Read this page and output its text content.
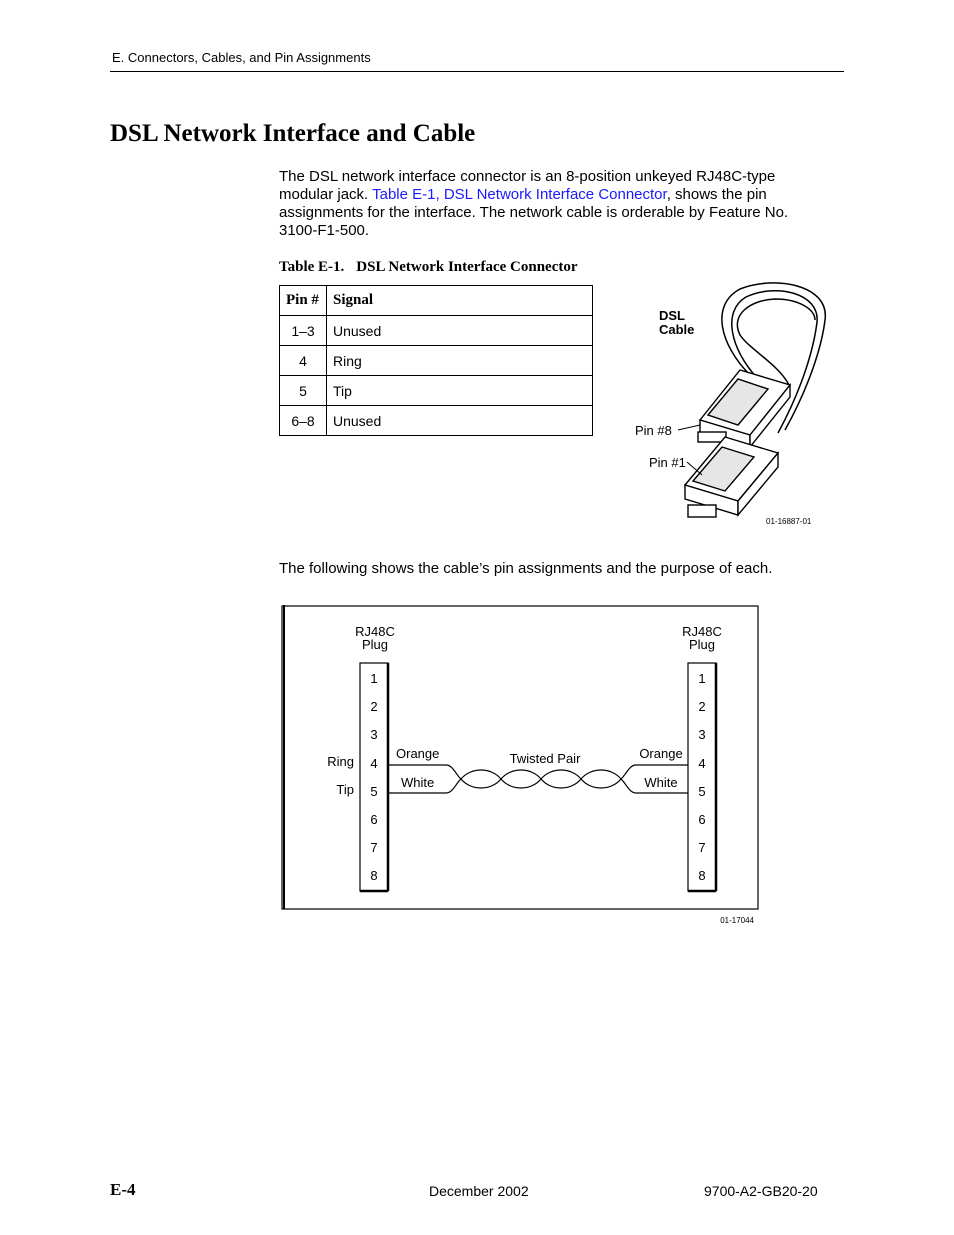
E. Connectors, Cables, and Pin Assignments
DSL Network Interface and Cable
The DSL network interface connector is an 8-position unkeyed RJ48C-type modular jack. Table E-1, DSL Network Interface Connector, shows the pin assignments for the interface. The network cable is orderable by Feature No. 3100-F1-500.
Table E-1. DSL Network Interface Connector
Pin #	Signal
1–3	Unused
4	Ring
5	Tip
6–8	Unused
DSL
Cable
Pin #8
Pin #1
01-16887-01
The following shows the cable’s pin assignments and the purpose of each.
RJ48C
Plug
RJ48C
Plug
1
2
3
4
5
6
7
8
1
2
3
4
5
6
7
8
Ring
Tip
Orange
White
Orange
White
Twisted Pair
01-17044
E-4	December 2002	9700-A2-GB20-20
